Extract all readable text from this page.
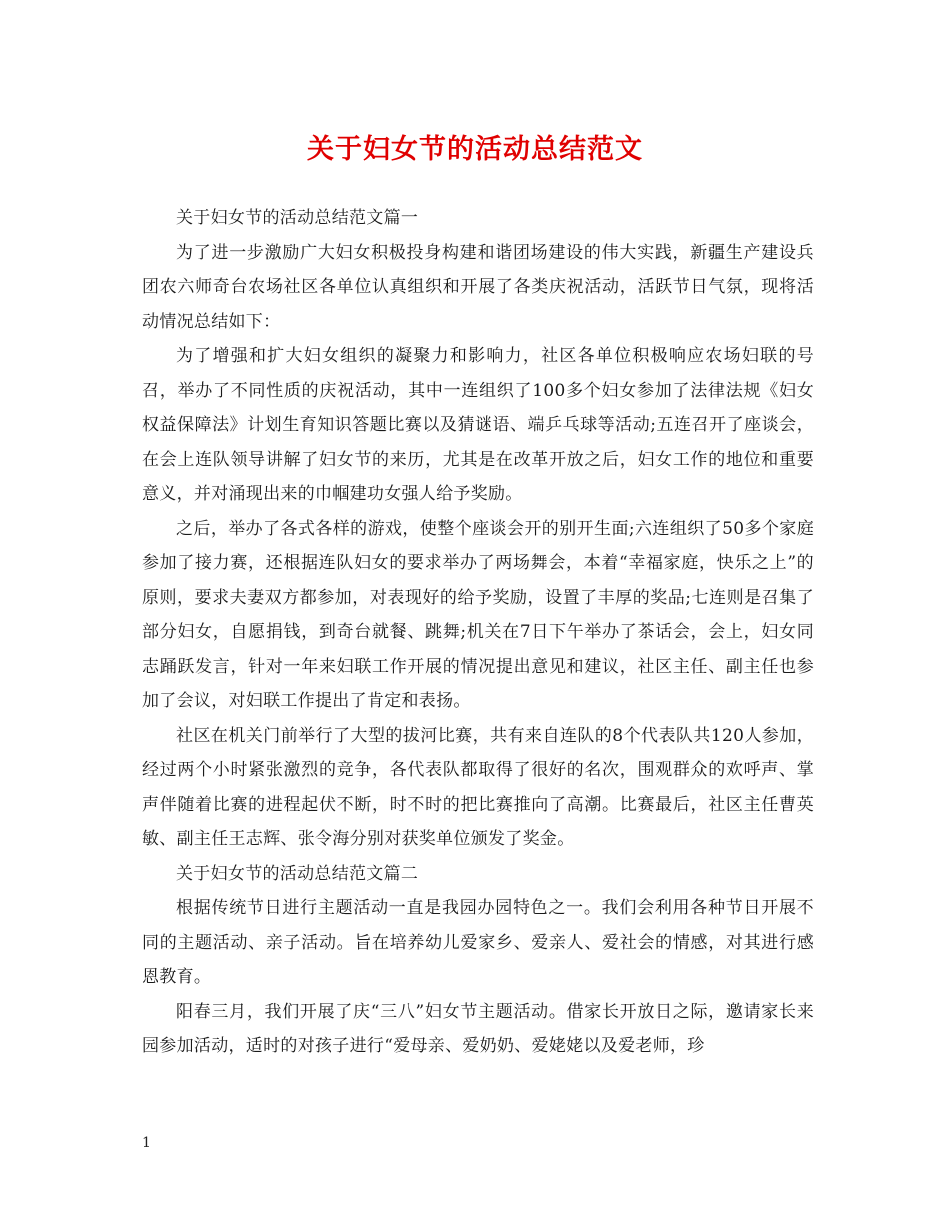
关于妇女节的活动总结范文

关于妇女节的活动总结范文篇一

为了进一步激励广大妇女积极投身构建和谐团场建设的伟大实践，新疆生产建设兵团农六师奇台农场社区各单位认真组织和开展了各类庆祝活动，活跃节日气氛，现将活动情况总结如下：

为了增强和扩大妇女组织的凝聚力和影响力，社区各单位积极响应农场妇联的号召，举办了不同性质的庆祝活动，其中一连组织了100多个妇女参加了法律法规《妇女权益保障法》计划生育知识答题比赛以及猜谜语、端乒乓球等活动;五连召开了座谈会，在会上连队领导讲解了妇女节的来历，尤其是在改革开放之后，妇女工作的地位和重要意义，并对涌现出来的巾帼建功女强人给予奖励。

之后，举办了各式各样的游戏，使整个座谈会开的别开生面;六连组织了50多个家庭参加了接力赛，还根据连队妇女的要求举办了两场舞会，本着“幸福家庭，快乐之上”的原则，要求夫妻双方都参加，对表现好的给予奖励，设置了丰厚的奖品;七连则是召集了部分妇女，自愿捐钱，到奇台就餐、跳舞;机关在7日下午举办了茶话会，会上，妇女同志踊跃发言，针对一年来妇联工作开展的情况提出意见和建议，社区主任、副主任也参加了会议，对妇联工作提出了肯定和表扬。

社区在机关门前举行了大型的拔河比赛，共有来自连队的8个代表队共120人参加，经过两个小时紧张激烈的竞争，各代表队都取得了很好的名次，围观群众的欢呼声、掌声伴随着比赛的进程起伏不断，时不时的把比赛推向了高潮。比赛最后，社区主任曹英敏、副主任王志辉、张令海分别对获奖单位颁发了奖金。

关于妇女节的活动总结范文篇二

根据传统节日进行主题活动一直是我园办园特色之一。我们会利用各种节日开展不同的主题活动、亲子活动。旨在培养幼儿爱家乡、爱亲人、爱社会的情感，对其进行感恩教育。

阳春三月，我们开展了庆“三八”妇女节主题活动。借家长开放日之际，邀请家长来园参加活动，适时的对孩子进行“爱母亲、爱奶奶、爱姥姥以及爱老师，珍

1
